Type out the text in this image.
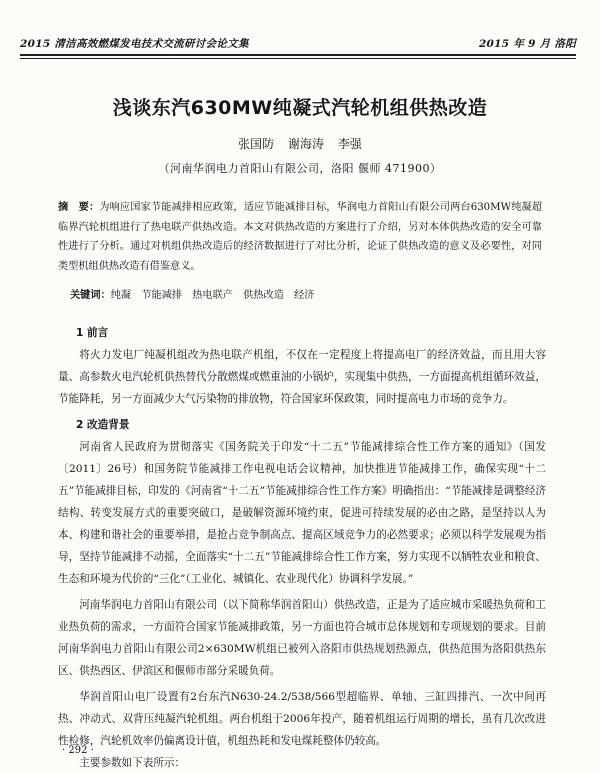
2015 清洁高效燃煤发电技术交流研讨会论文集	2015 年 9 月 洛阳
浅谈东汽630MW纯凝式汽轮机组供热改造
张国防 谢海涛 李强
（河南华润电力首阳山有限公司，洛阳 偃师 471900）
摘　要：为响应国家节能减排相应政策，适应节能减排目标，华润电力首阳山有限公司两台630MW纯凝超临界汽轮机组进行了热电联产供热改造。本文对供热改造的方案进行了介绍，另对本体供热改造的安全可靠性进行了分析。通过对机组供热改造后的经济数据进行了对比分析，论证了供热改造的意义及必要性，对同类型机组供热改造有借鉴意义。
关键词：纯凝　节能减排　热电联产　供热改造　经济
1 前言

将火力发电厂纯凝机组改为热电联产机组，不仅在一定程度上将提高电厂的经济效益，而且用大容量、高参数火电汽轮机供热替代分散燃煤或燃重油的小锅炉，实现集中供热，一方面提高机组循环效益，节能降耗，另一方面减少大气污染物的排放物，符合国家环保政策，同时提高电力市场的竞争力。

2 改造背景

河南省人民政府为贯彻落实《国务院关于印发“十二五”节能减排综合性工作方案的通知》（国发〔2011〕26号）和国务院节能减排工作电视电话会议精神，加快推进节能减排工作，确保实现“十二五”节能减排目标，印发的《河南省“十二五”节能减排综合性工作方案》明确指出：“节能减排是调整经济结构、转变发展方式的重要突破口，是破解资源环境约束，促进可持续发展的必由之路，是坚持以人为本、构建和谐社会的重要举措，是抢占竞争制高点、提高区域竞争力的必然要求；必须以科学发展观为指导，坚持节能减排不动摇，全面落实“十二五”节能减排综合性工作方案，努力实现不以牺牲农业和粮食、生态和环境为代价的“三化”（工业化、城镇化、农业现代化）协调科学发展。”

河南华润电力首阳山有限公司（以下简称华润首阳山）供热改造，正是为了适应城市采暖热负荷和工业热负荷的需求，一方面符合国家节能减排政策，另一方面也符合城市总体规划和专项规划的要求。目前河南华润电力首阳山有限公司2×630MW机组已被列入洛阳市供热规划热源点，供热范围为洛阳供热东区、供热西区、伊滨区和偃师市部分采暖负荷。

华润首阳山电厂设置有2台东汽N630-24.2/538/566型超临界、单轴、三缸四排汽、一次中间再热、冲动式、双背压纯凝汽轮机组。两台机组于2006年投产，随着机组运行周期的增长，虽有几次改进性检修，汽轮机效率仍偏离设计值，机组热耗和发电煤耗整体仍较高。

主要参数如下表所示：

· 292 ·
